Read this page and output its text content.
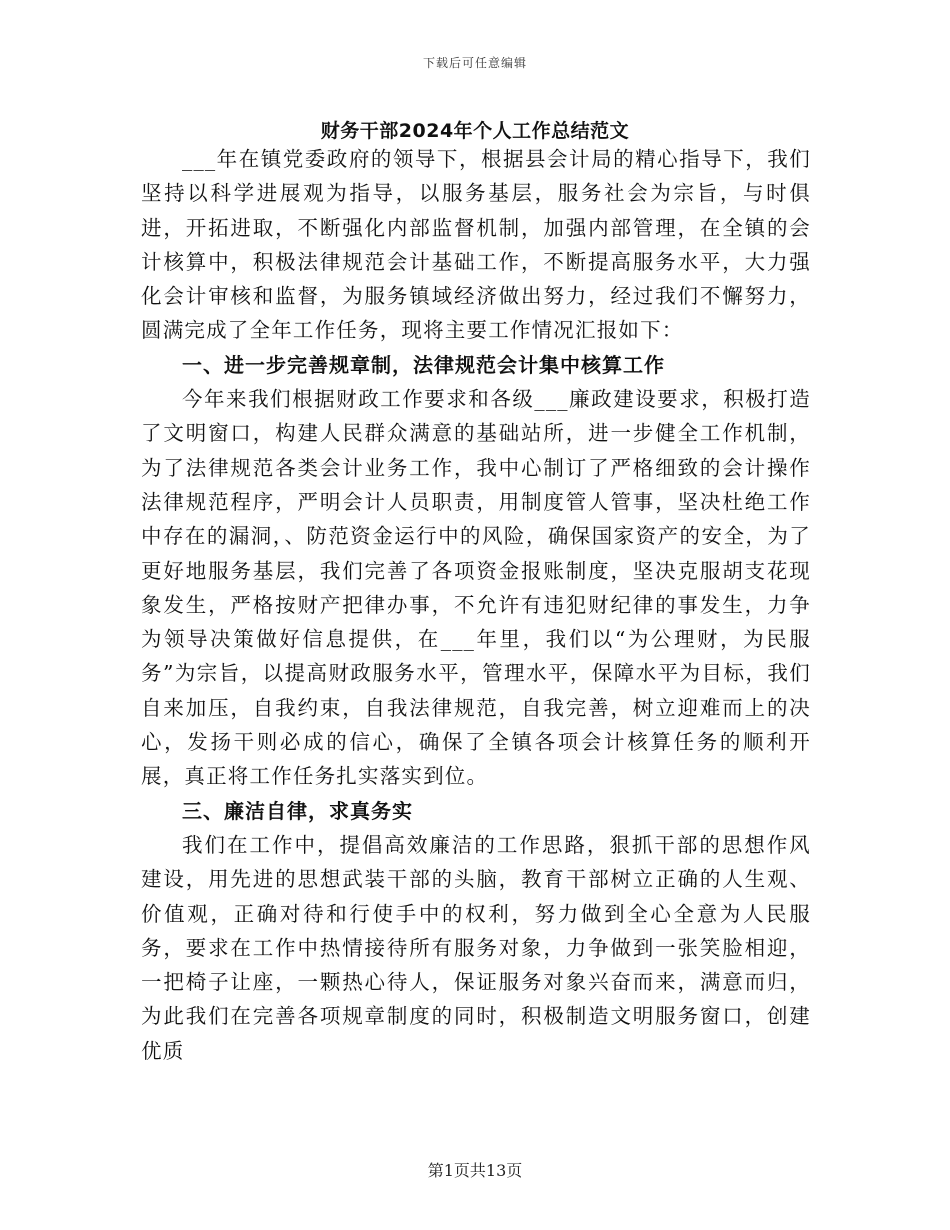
下载后可任意编辑
财务干部2024年个人工作总结范文

___年在镇党委政府的领导下，根据县会计局的精心指导下，我们坚持以科学进展观为指导，以服务基层，服务社会为宗旨，与时俱进，开拓进取，不断强化内部监督机制，加强内部管理，在全镇的会计核算中，积极法律规范会计基础工作，不断提高服务水平，大力强化会计审核和监督，为服务镇域经济做出努力，经过我们不懈努力，圆满完成了全年工作任务，现将主要工作情况汇报如下：

一、进一步完善规章制，法律规范会计集中核算工作

今年来我们根据财政工作要求和各级___廉政建设要求，积极打造了文明窗口，构建人民群众满意的基础站所，进一步健全工作机制，为了法律规范各类会计业务工作，我中心制订了严格细致的会计操作法律规范程序，严明会计人员职责，用制度管人管事，坚决杜绝工作中存在的漏洞，、防范资金运行中的风险，确保国家资产的安全，为了更好地服务基层，我们完善了各项资金报账制度，坚决克服胡支花现象发生，严格按财产把律办事，不允许有违犯财纪律的事发生，力争为领导决策做好信息提供，在___年里，我们以“为公理财，为民服务”为宗旨，以提高财政服务水平，管理水平，保障水平为目标，我们自来加压，自我约束，自我法律规范，自我完善，树立迎难而上的决心，发扬干则必成的信心，确保了全镇各项会计核算任务的顺利开展，真正将工作任务扎实落实到位。

三、廉洁自律，求真务实

我们在工作中，提倡高效廉洁的工作思路，狠抓干部的思想作风建设，用先进的思想武装干部的头脑，教育干部树立正确的人生观、价值观，正确对待和行使手中的权利，努力做到全心全意为人民服务，要求在工作中热情接待所有服务对象，力争做到一张笑脸相迎，一把椅子让座，一颗热心待人，保证服务对象兴奋而来，满意而归，为此我们在完善各项规章制度的同时，积极制造文明服务窗口，创建优质

第1页共13页
